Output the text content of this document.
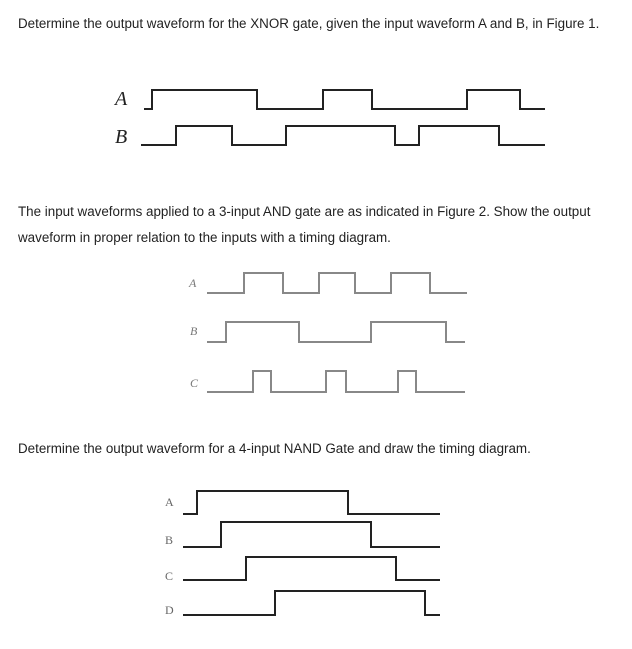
Determine the output waveform for the XNOR gate, given the input waveform A and B, in Figure 1.
A
B
The input waveforms applied to a 3-input AND gate are as indicated in Figure 2. Show the output waveform in proper relation to the inputs with a timing diagram.
A
B
C
Determine the output waveform for a 4-input NAND Gate and draw the timing diagram.
A
B
C
D
